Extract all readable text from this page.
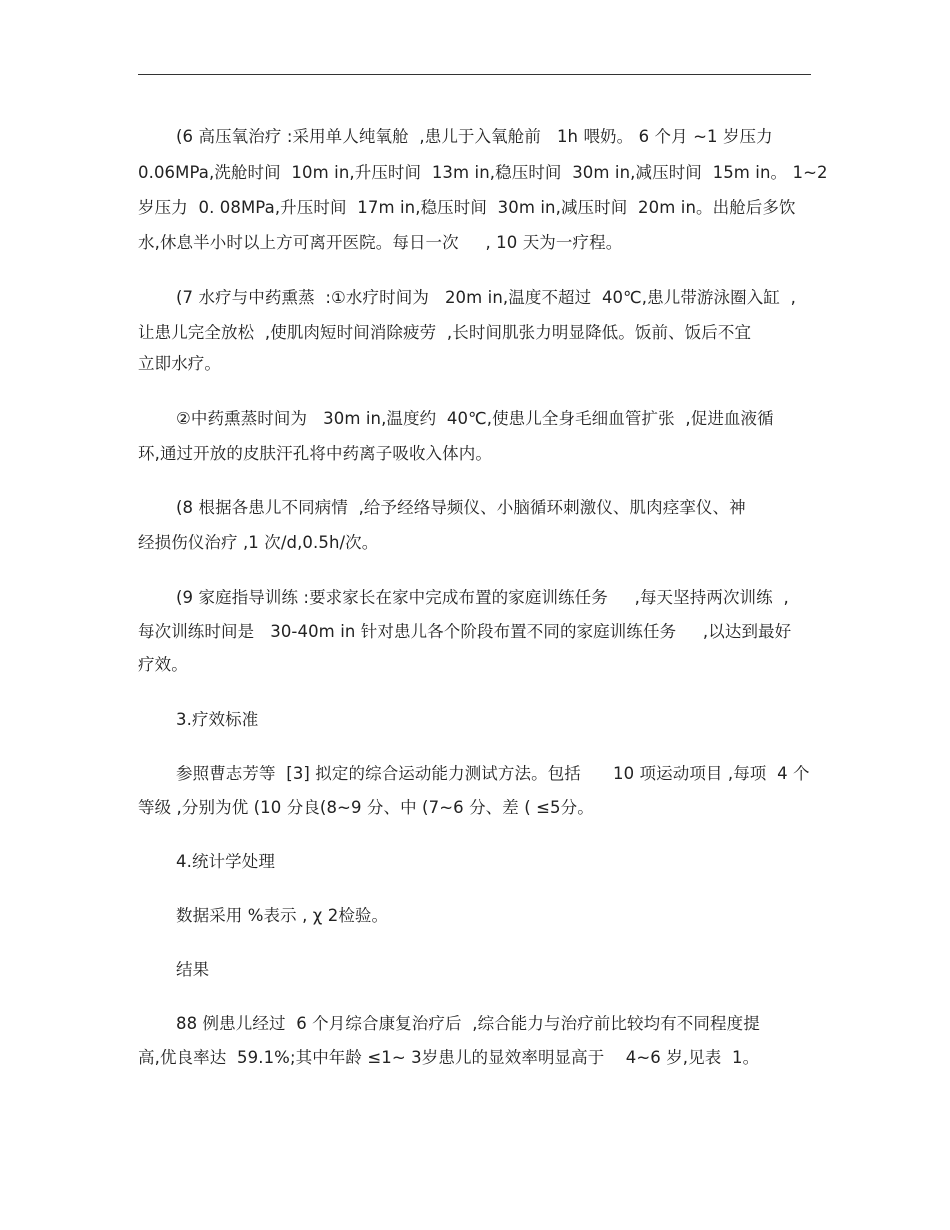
(6 高压氧治疗 :采用单人纯氧舱  ,患儿于入氧舱前   1h 喂奶。 6 个月 ~1 岁压力
0.06MPa,洗舱时间  10m in,升压时间  13m in,稳压时间  30m in,减压时间  15m in。 1~2
岁压力  0. 08MPa,升压时间  17m in,稳压时间  30m in,减压时间  20m in。出舱后多饮
水,休息半小时以上方可离开医院。每日一次     , 10 天为一疗程。
(7 水疗与中药熏蒸  :①水疗时间为   20m in,温度不超过  40℃,患儿带游泳圈入缸  ,
让患儿完全放松  ,使肌肉短时间消除疲劳  ,长时间肌张力明显降低。饭前、饭后不宜
立即水疗。
②中药熏蒸时间为   30m in,温度约  40℃,使患儿全身毛细血管扩张  ,促进血液循
环,通过开放的皮肤汗孔将中药离子吸收入体内。
(8 根据各患儿不同病情  ,给予经络导频仪、小脑循环刺激仪、肌肉痉挛仪、神
经损伤仪治疗 ,1 次/d,0.5h/次。
(9 家庭指导训练 :要求家长在家中完成布置的家庭训练任务     ,每天坚持两次训练  ,
每次训练时间是   30-40m in 针对患儿各个阶段布置不同的家庭训练任务     ,以达到最好
疗效。
3.疗效标准
参照曹志芳等  [3] 拟定的综合运动能力测试方法。包括      10 项运动项目 ,每项  4 个
等级 ,分别为优 (10 分良(8~9 分、中 (7~6 分、差 ( ≤5分。
4.统计学处理
数据采用 %表示 , χ 2检验。
结果
88 例患儿经过  6 个月综合康复治疗后  ,综合能力与治疗前比较均有不同程度提
高,优良率达  59.1%;其中年龄 ≤1~ 3岁患儿的显效率明显高于    4~6 岁,见表  1。
